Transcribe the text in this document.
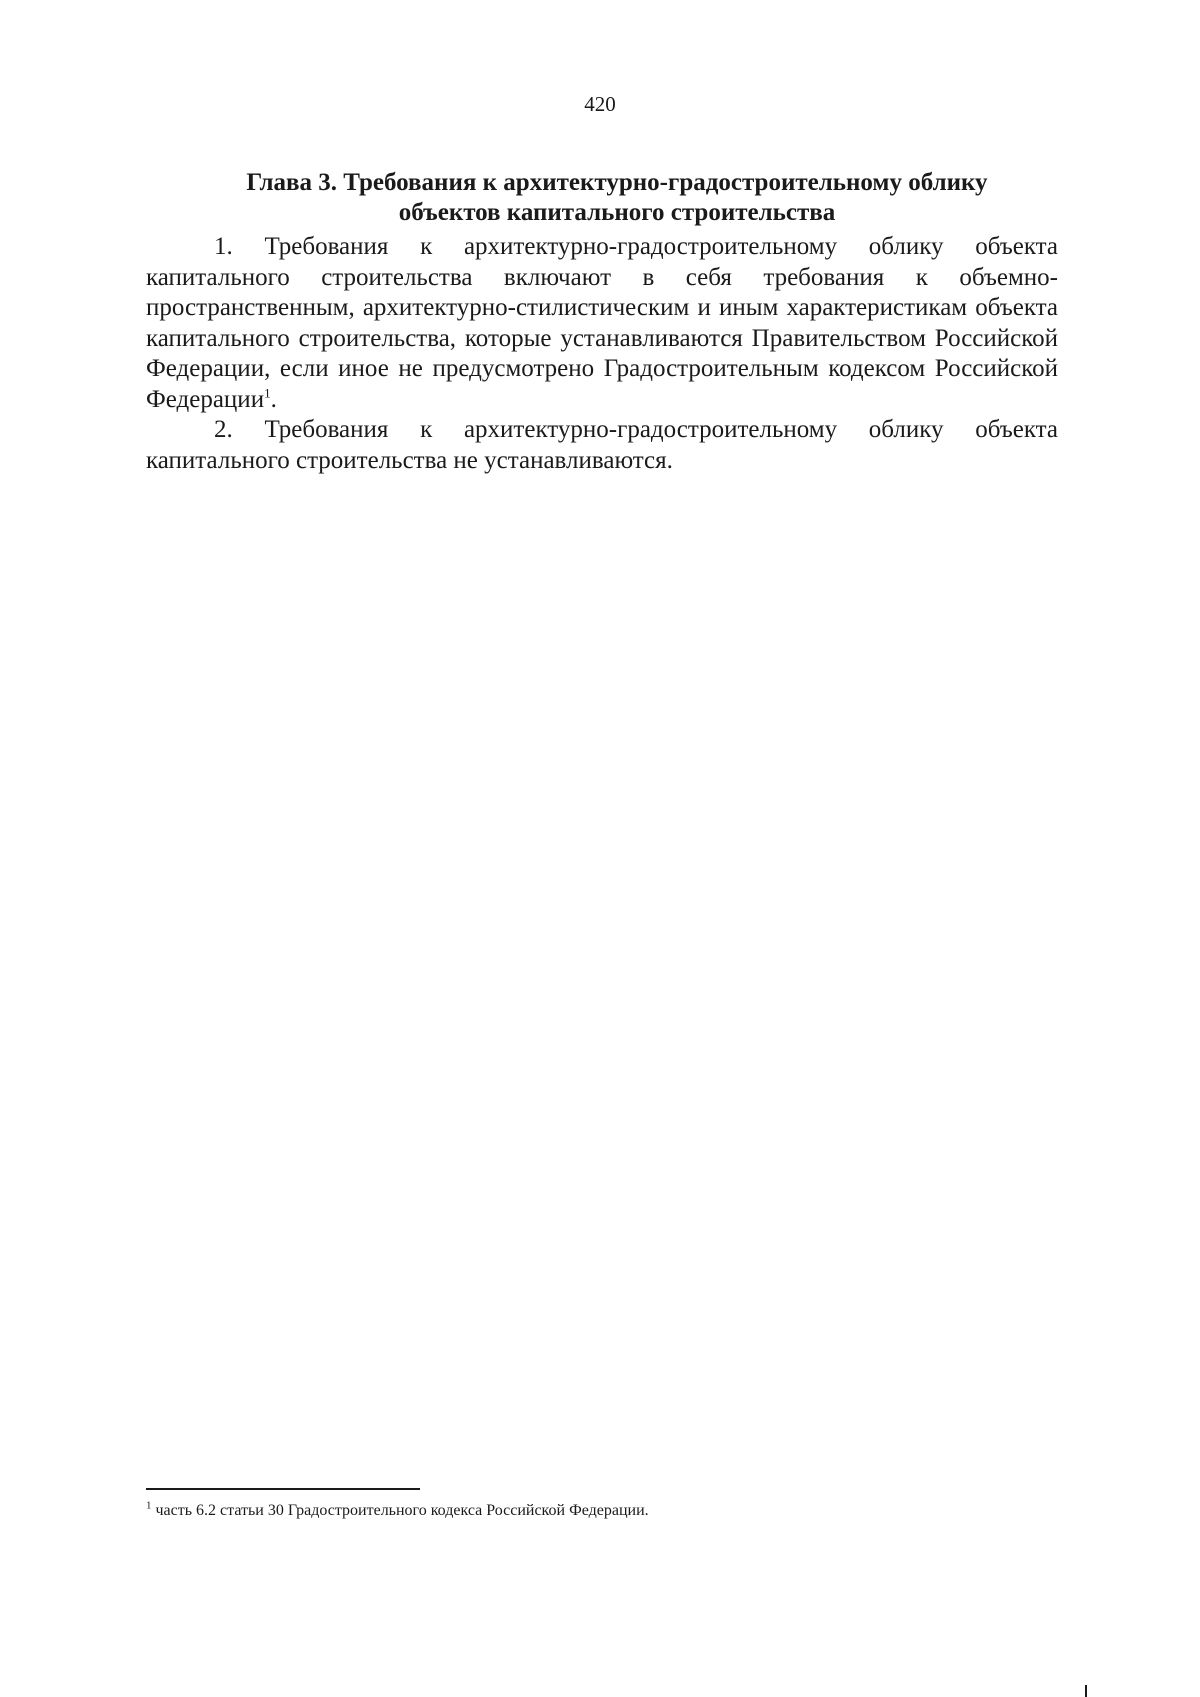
420
Глава 3. Требования к архитектурно-градостроительному облику
объектов капитального строительства

1. Требования к архитектурно-градостроительному облику объекта капитального строительства включают в себя требования к объемно-пространственным, архитектурно-стилистическим и иным характеристикам объекта капитального строительства, которые устанавливаются Правительством Российской Федерации, если иное не предусмотрено Градостроительным кодексом Российской Федерации$^1$.

2. Требования к архитектурно-градостроительному облику объекта капитального строительства не устанавливаются.

$^1$ часть 6.2 статьи 30 Градостроительного кодекса Российской Федерации.
